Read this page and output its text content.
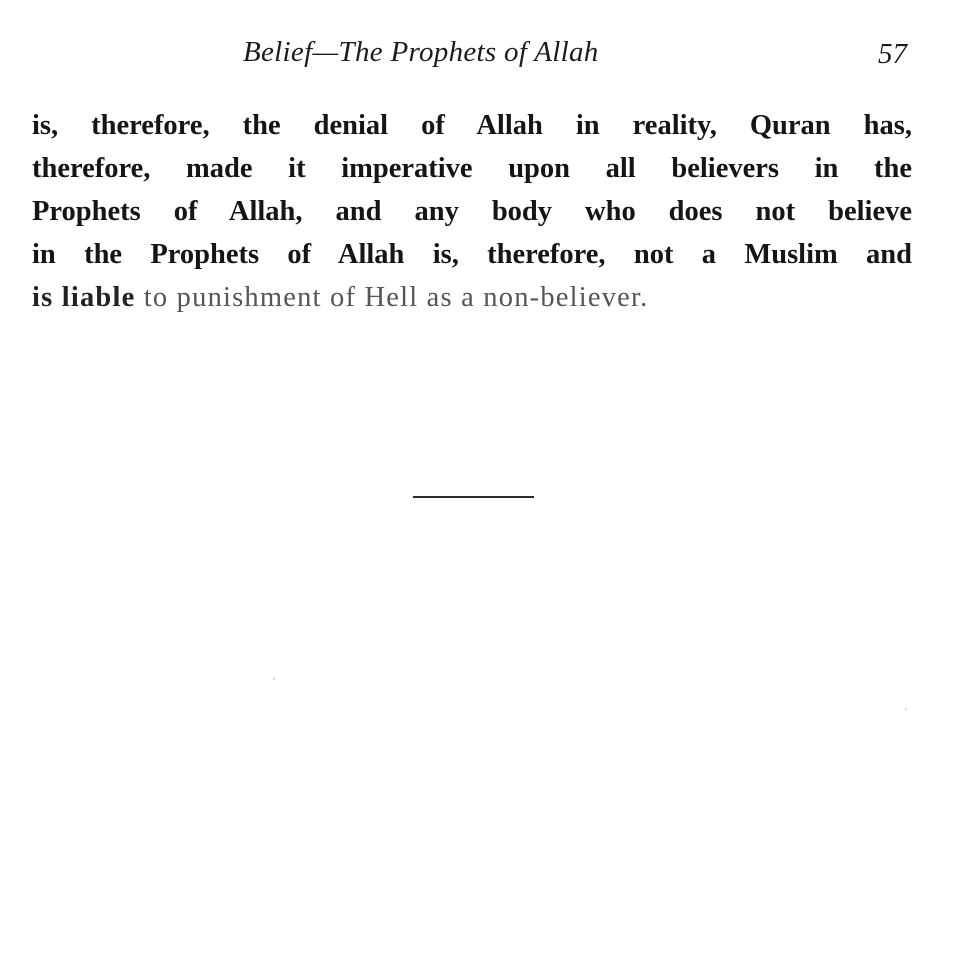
Belief—The Prophets of Allah	57
is, therefore, the denial of Allah in reality, Quran has,
therefore, made it imperative upon all believers in the
Prophets of Allah, and any body who does not believe
in the Prophets of Allah is, therefore, not a Muslim and
is liable to punishment of Hell as a non-believer.
